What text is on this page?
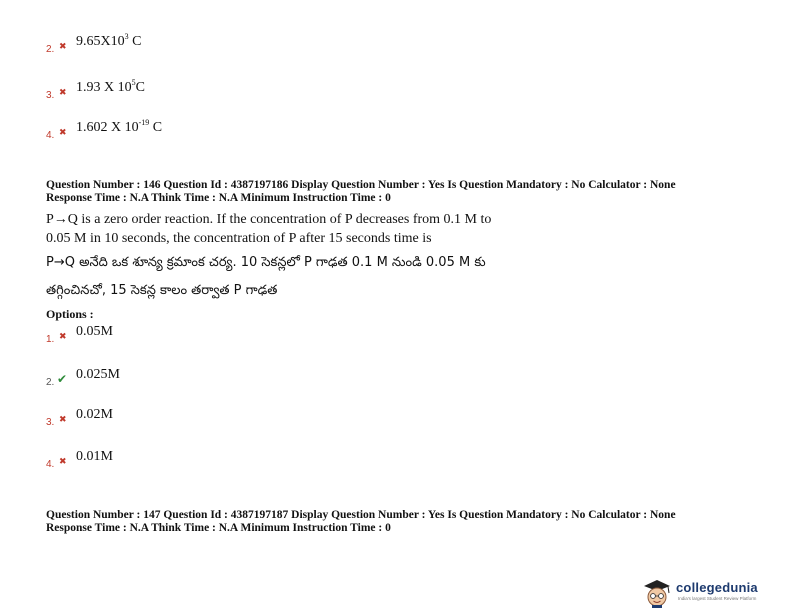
2. ✖ $9.65X10^3$ C
3. ✖ 1.93 X $10^5C$
4. ✖ 1.602 X $10^{-19}$ C
Question Number : 146 Question Id : 4387197186 Display Question Number : Yes Is Question Mandatory : No Calculator : None
Response Time : N.A Think Time : N.A Minimum Instruction Time : 0
P→Q is a zero order reaction. If the concentration of P decreases from 0.1 M to
0.05 M in 10 seconds, the concentration of P after 15 seconds time is
P→Q అనేది ఒక శూన్య క్రమాంక చర్య. 10 సెకన్లలో P గాఢత 0.1 M నుండి 0.05 M కు
తగ్గించినచో, 15 సెకన్ల కాలం తర్వాత P గాఢత
Options :
1. ✖ 0.05M
2. ✔ 0.025M
3. ✖ 0.02M
4. ✖ 0.01M
Question Number : 147 Question Id : 4387197187 Display Question Number : Yes Is Question Mandatory : No Calculator : None
Response Time : N.A Think Time : N.A Minimum Instruction Time : 0
collegedunia
India's largest Student Review Platform
